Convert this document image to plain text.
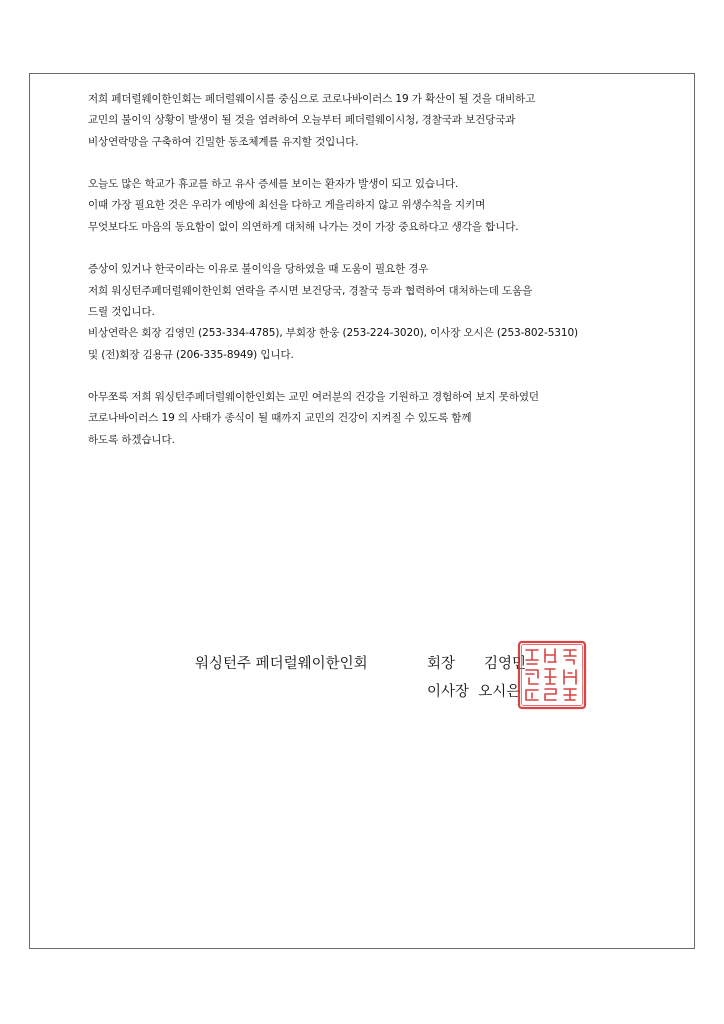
저희 페더럴웨이한인회는 페더럴웨이시를 중심으로 코로나바이러스 19 가 확산이 될 것을 대비하고
교민의 불이익 상황이 발생이 될 것을 염려하여 오늘부터 페더럴웨이시청, 경찰국과 보건당국과
비상연락망을 구축하여 긴밀한 동조체계를 유지할 것입니다.
오늘도 많은 학교가 휴교를 하고 유사 증세를 보이는 환자가 발생이 되고 있습니다.
이때 가장 필요한 것은 우리가 예방에 최선을 다하고 게을리하지 않고 위생수칙을 지키며
무엇보다도 마음의 동요함이 없이 의연하게 대처해 나가는 것이 가장 중요하다고 생각을 합니다.
증상이 있거나 한국이라는 이유로 불이익을 당하였을 때 도움이 필요한 경우
저희 워싱턴주페더럴웨이한인회 연락을 주시면 보건당국, 경찰국 등과 협력하여 대처하는데 도움을
드릴 것입니다.
비상연락은 회장 김영민 (253-334-4785), 부회장 한웅 (253-224-3020), 이사장 오시은 (253-802-5310)
및 (전)회장 김용규 (206-335-8949) 입니다.
아무쪼록 저희 워싱턴주페더럴웨이한인회는 교민 여러분의 건강을 기원하고 경험하여 보지 못하였던
코로나바이러스 19 의 사태가 종식이 될 때까지 교민의 건강이 지켜질 수 있도록 함께
하도록 하겠습니다.
워싱턴주 페더럴웨이한인회	회장 김영민
이사장 오시은
